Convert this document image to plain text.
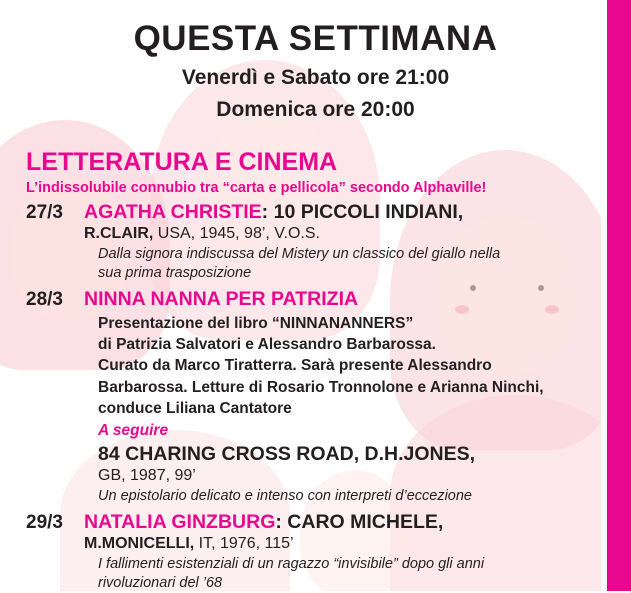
QUESTA SETTIMANA
Venerdì e Sabato ore 21:00
Domenica ore 20:00
LETTERATURA E CINEMA
L’indissolubile connubio tra “carta e pellicola” secondo Alphaville!
27/3	AGATHA CHRISTIE: 10 PICCOLI INDIANI,
R.CLAIR, USA, 1945, 98’, V.O.S.
Dalla signora indiscussa del Mistery un classico del giallo nella
sua prima trasposizione
28/3	NINNA NANNA PER PATRIZIA
Presentazione del libro “NINNANANNERS”
di Patrizia Salvatori e Alessandro Barbarossa.
Curato da Marco Tiratterra. Sarà presente Alessandro
Barbarossa. Letture di Rosario Tronnolone e Arianna Ninchi,
conduce Liliana Cantatore
A seguire
84 CHARING CROSS ROAD, D.H.JONES,
GB, 1987, 99’
Un epistolario delicato e intenso con interpreti d’eccezione
29/3	NATALIA GINZBURG: CARO MICHELE,
M.MONICELLI, IT, 1976, 115’
I fallimenti esistenziali di un ragazzo “invisibile” dopo gli anni
rivoluzionari del ’68
